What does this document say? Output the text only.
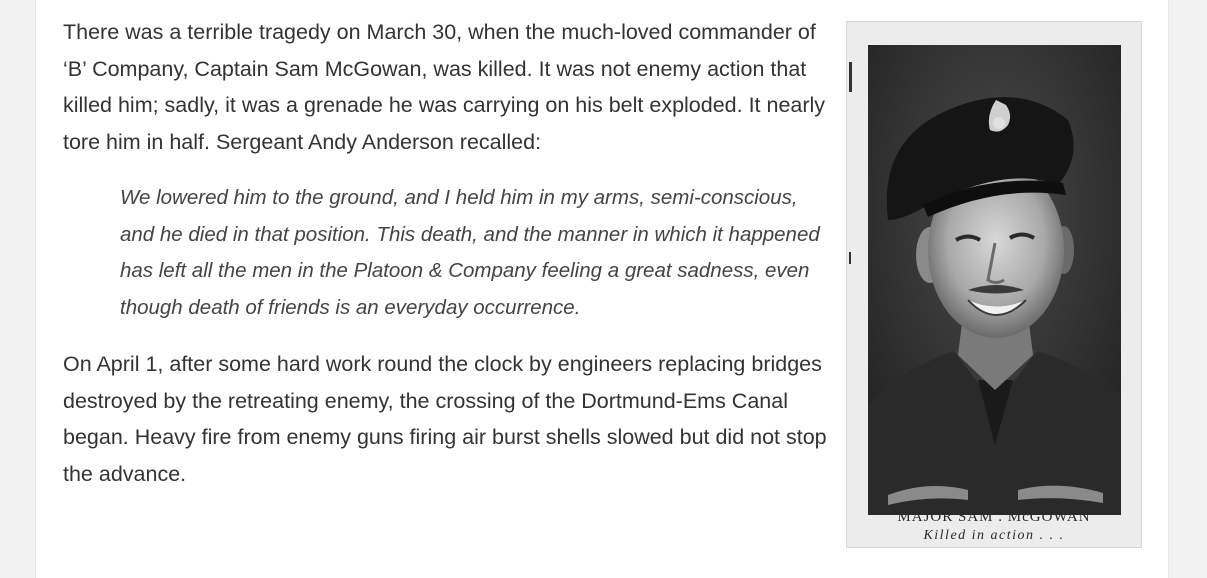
There was a terrible tragedy on March 30, when the much-loved commander of ‘B’ Company, Captain Sam McGowan, was killed. It was not enemy action that killed him; sadly, it was a grenade he was carrying on his belt exploded. It nearly tore him in half. Sergeant Andy Anderson recalled:

We lowered him to the ground, and I held him in my arms, semi-conscious, and he died in that position. This death, and the manner in which it happened has left all the men in the Platoon & Company feeling a great sadness, even though death of friends is an everyday occurrence.

On April 1, after some hard work round the clock by engineers replacing bridges destroyed by the retreating enemy, the crossing of the Dortmund-Ems Canal began. Heavy fire from enemy guns firing air burst shells slowed but did not stop the advance.

MAJOR SAM . McGOWAN
Killed in action . . .
